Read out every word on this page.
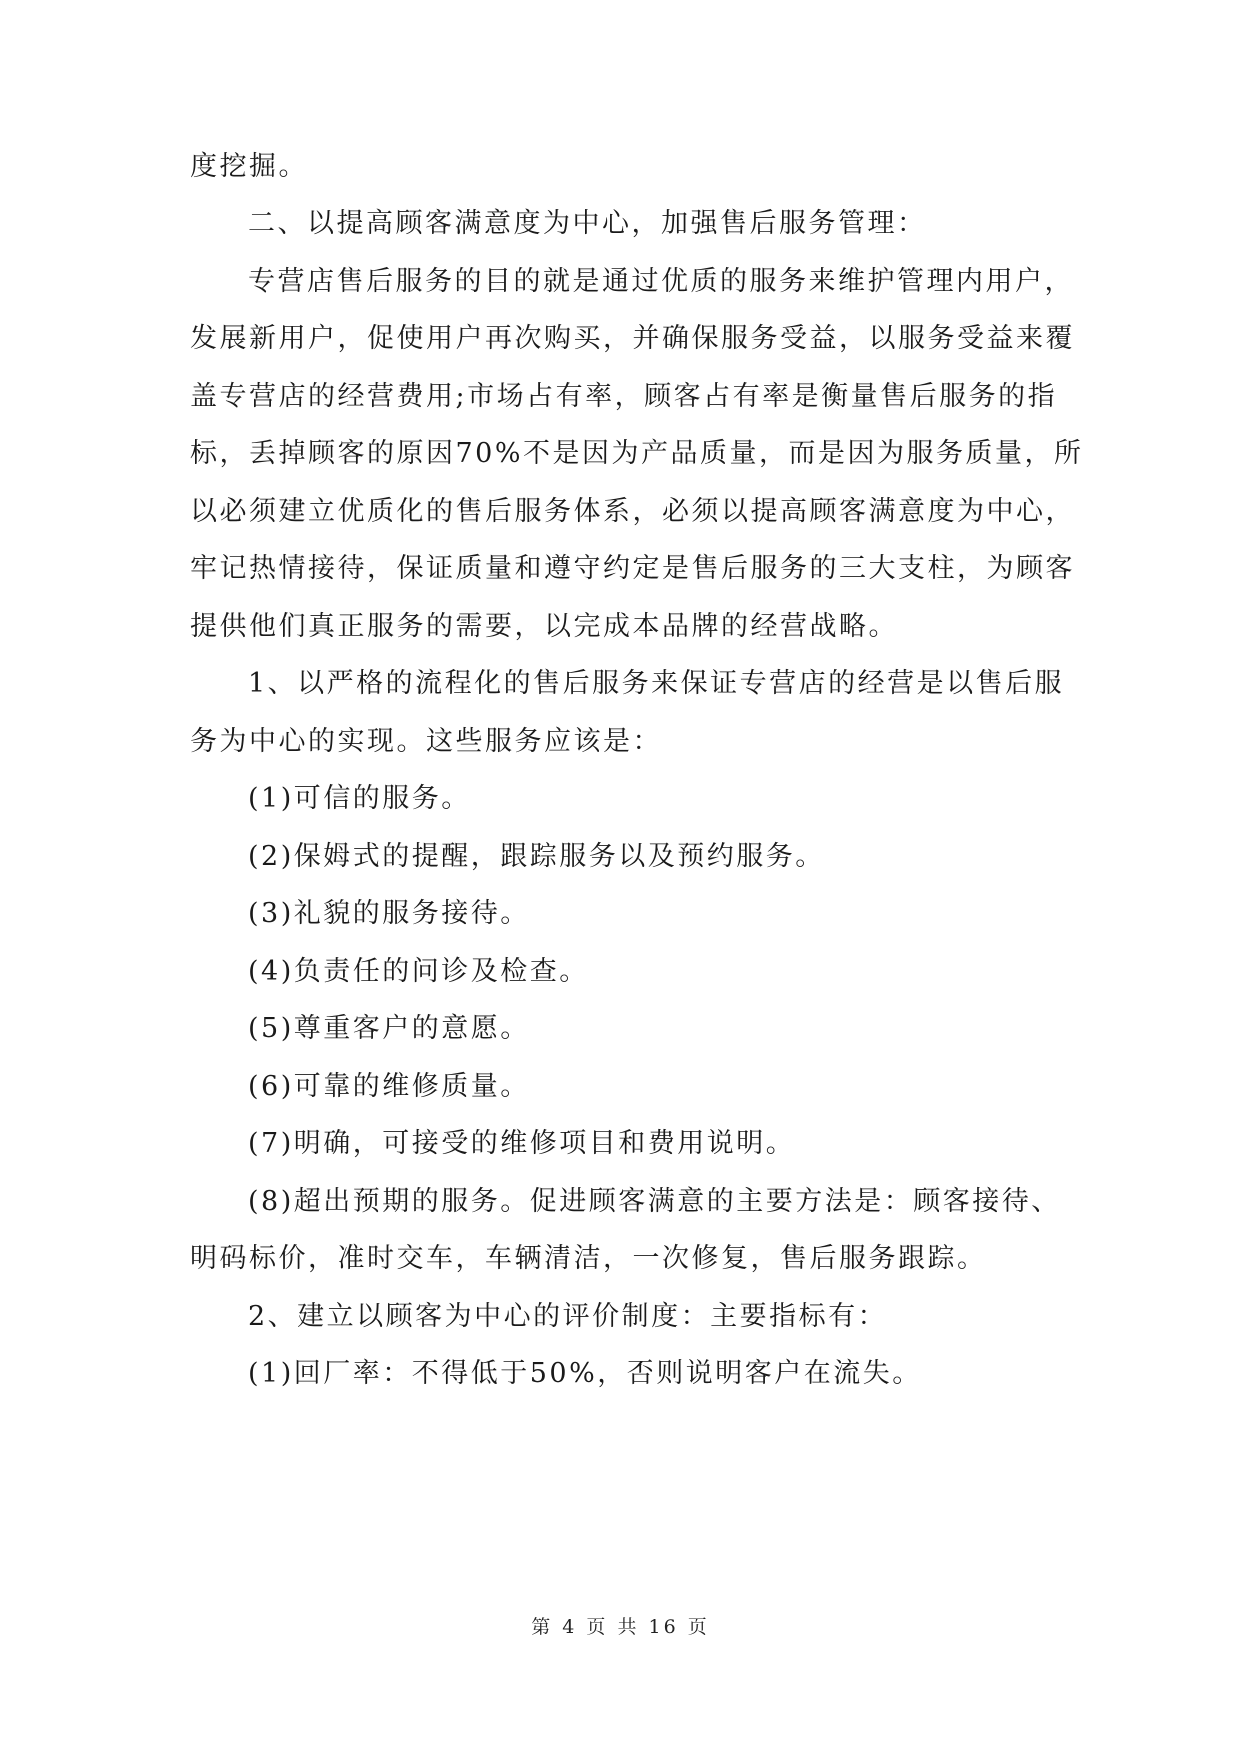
度挖掘。
二、以提高顾客满意度为中心，加强售后服务管理：
专营店售后服务的目的就是通过优质的服务来维护管理内用户，
发展新用户，促使用户再次购买，并确保服务受益，以服务受益来覆
盖专营店的经营费用;市场占有率，顾客占有率是衡量售后服务的指
标，丢掉顾客的原因70%不是因为产品质量，而是因为服务质量，所
以必须建立优质化的售后服务体系，必须以提高顾客满意度为中心，
牢记热情接待，保证质量和遵守约定是售后服务的三大支柱，为顾客
提供他们真正服务的需要，以完成本品牌的经营战略。
1、以严格的流程化的售后服务来保证专营店的经营是以售后服
务为中心的实现。这些服务应该是：
(1)可信的服务。
(2)保姆式的提醒，跟踪服务以及预约服务。
(3)礼貌的服务接待。
(4)负责任的问诊及检查。
(5)尊重客户的意愿。
(6)可靠的维修质量。
(7)明确，可接受的维修项目和费用说明。
(8)超出预期的服务。促进顾客满意的主要方法是：顾客接待、
明码标价，准时交车，车辆清洁，一次修复，售后服务跟踪。
2、建立以顾客为中心的评价制度：主要指标有：
(1)回厂率：不得低于50%，否则说明客户在流失。
第 4 页 共 16 页
